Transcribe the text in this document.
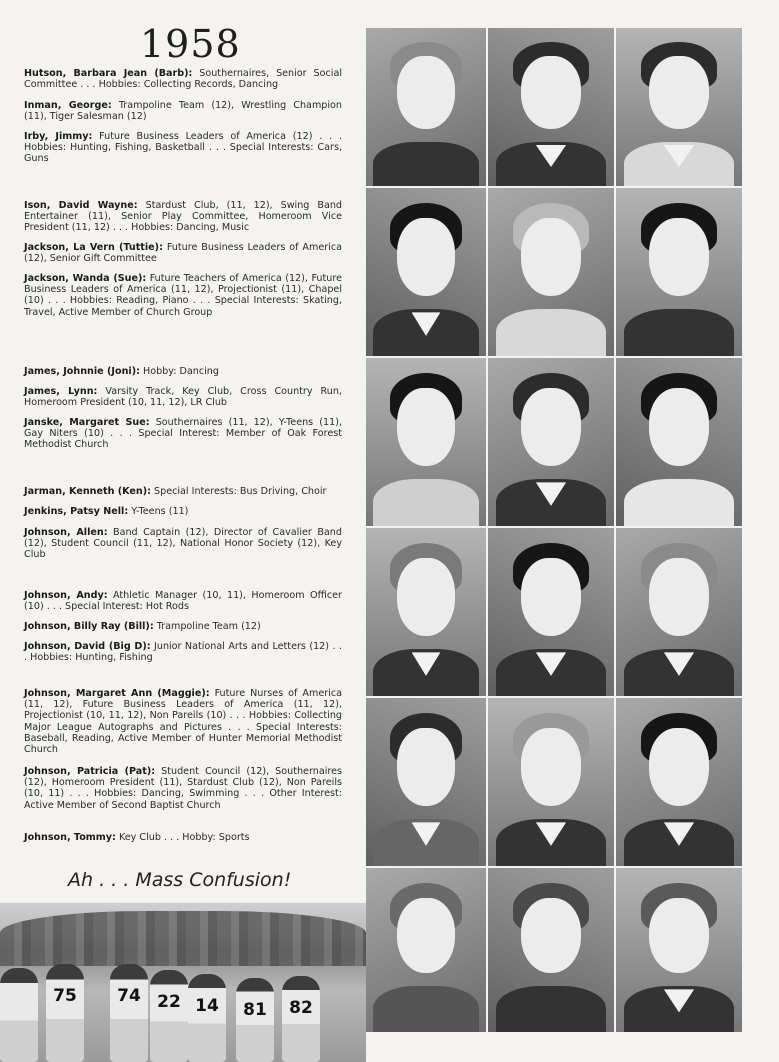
1958
Hutson, Barbara Jean (Barb): Southernaires, Senior Social Committee . . . Hobbies: Collecting Records, Dancing
Inman, George: Trampoline Team (12), Wrestling Champion (11), Tiger Salesman (12)
Irby, Jimmy: Future Business Leaders of America (12) . . . Hobbies: Hunting, Fishing, Basketball . . . Special Interests: Cars, Guns
Ison, David Wayne: Stardust Club, (11, 12), Swing Band Entertainer (11), Senior Play Committee, Homeroom Vice President (11, 12) . . . Hobbies: Dancing, Music
Jackson, La Vern (Tuttie): Future Business Leaders of America (12), Senior Gift Committee
Jackson, Wanda (Sue): Future Teachers of America (12), Future Business Leaders of America (11, 12), Projectionist (11), Chapel (10) . . . Hobbies: Reading, Piano . . . Special Interests: Skating, Travel, Active Member of Church Group
James, Johnnie (Joni): Hobby: Dancing
James, Lynn: Varsity Track, Key Club, Cross Country Run, Homeroom President (10, 11, 12), LR Club
Janske, Margaret Sue: Southernaires (11, 12), Y-Teens (11), Gay Niters (10) . . . Special Interest: Member of Oak Forest Methodist Church
Jarman, Kenneth (Ken): Special Interests: Bus Driving, Choir
Jenkins, Patsy Nell: Y-Teens (11)
Johnson, Allen: Band Captain (12), Director of Cavalier Band (12), Student Council (11, 12), National Honor Society (12), Key Club
Johnson, Andy: Athletic Manager (10, 11), Homeroom Officer (10) . . . Special Interest: Hot Rods
Johnson, Billy Ray (Bill): Trampoline Team (12)
Johnson, David (Big D): Junior National Arts and Letters (12) . . . Hobbies: Hunting, Fishing
Johnson, Margaret Ann (Maggie): Future Nurses of America (11, 12), Future Business Leaders of America (11, 12), Projectionist (10, 11, 12), Non Pareils (10) . . . Hobbies: Collecting Major League Autographs and Pictures . . . Special Interests: Baseball, Reading, Active Member of Hunter Memorial Methodist Church
Johnson, Patricia (Pat): Student Council (12), Southernaires (12), Homeroom President (11), Stardust Club (12), Non Pareils (10, 11) . . . Hobbies: Dancing, Swimming . . . Other Interest: Active Member of Second Baptist Church
Johnson, Tommy: Key Club . . . Hobby: Sports
Ah . . . Mass Confusion!
75	74 22 14	81	82
